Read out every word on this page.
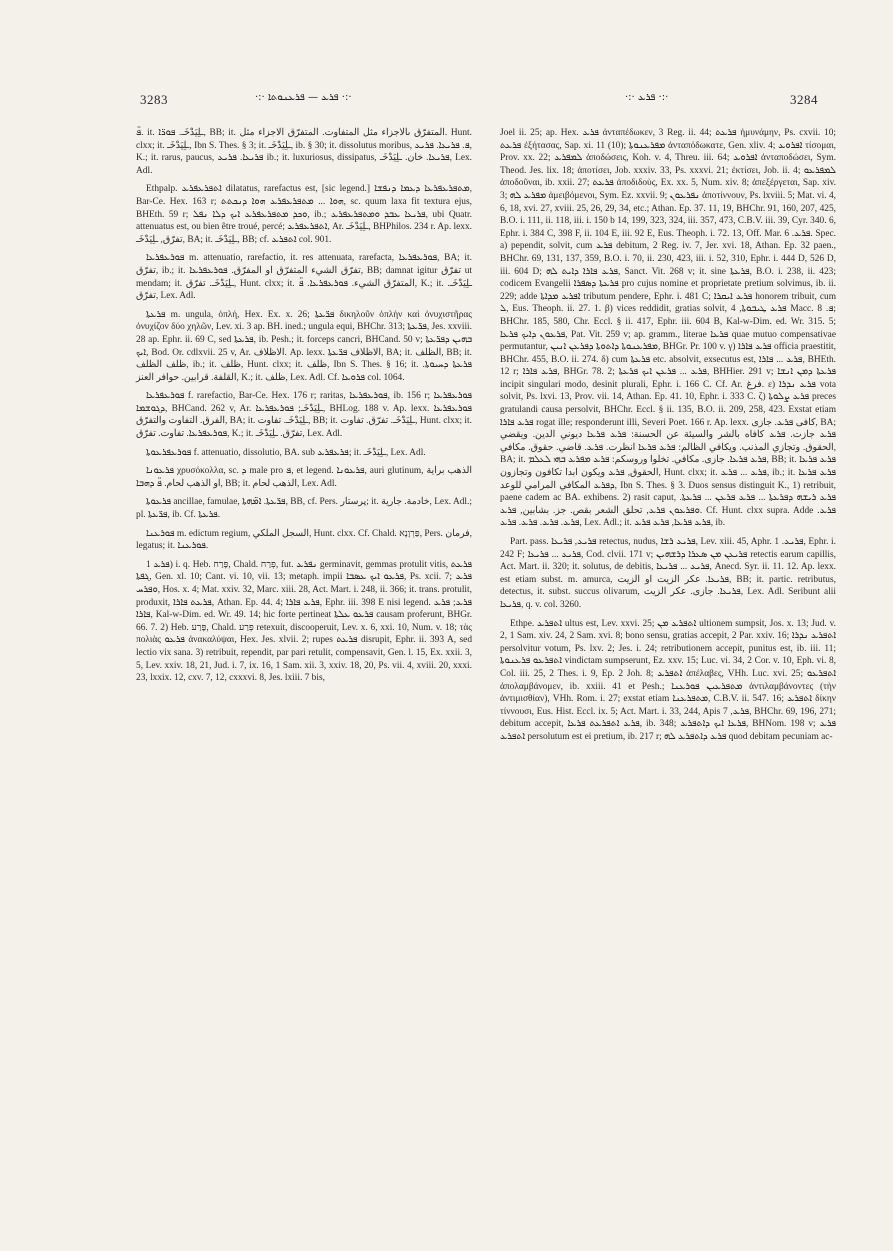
3283	·:· ܦܪܥ — ܦܪܥܢܘܬܐ ·:·	·:· ܦܪܥ ·:·	3284

ܦ̈. it. ـلِيَدْخَـ. ܦܘܪ̈ܐ, BB; it. المتفرّق ٮالاجزاء مثل المتفاوت. المتفرّق الاجزاء مثل. Hunt. clxx; it. ـلِيَدْخَـ, Ibn S. Thes. § 3; it. ـلِيَدْخَـ, ib. § 30; it. dissolutus moribus, ܦ. ܦܪܝܥܐ. ܦܪܝܥ, K.; it. rarus, paucus, ܦܪܝܥܐ. ܦܪܝܥ ib.; it. luxuriosus, dissipatus, ܦܪܝܥܐ. خان. ـلِيَدْخَـ, Lex. Adl.

Ethpalp. ܐܬܦܪܥܦܪܥ dilatatus, rarefactus est, [sic legend.] ܡܬܦܪܥܦܪܥܐ ܕܥܡܐ ܕܢܦܫܐ, Bar-Ce. Hex. 163 r; ܗܘܐ ... ܡܬܦܪܥܦܪܥ ܗܘܐ ܕܢܟܬܬ, sc. quum laxa fit textura ejus, BHEth. 59 r; ܘܟܕ ܡܬܦܪܥܦܪܥ ܐܝܟ ܕܠܐ ܢܦܠ, ib.; ܦܪܝܥܐ ܥܒܕ ܘܡܬܦܪܥܦܪܥ, ubi Quatr. attenuatus est, ou bien être troué, percé; ܐܬܦܪܥܦܪܥ, Ar. ـلِيَدْخَـ, BHPhilos. 234 r. Ap. lexx. تفرّق, ـلِيَدْخَـ, BA; it. ـلِيَدْخَـ, BB; cf. ܐܬܦܪܥ col. 901.

ܦܘܪܥܦܪܥܐ m. attenuatio, rarefactio, it. res attenuata, rarefacta, ܦܘܪܥܦܪܥܐ, BA; it. تفرّق, ib.; it. تفرّق الشيء المتفرّق او المفرّق. ܦܘܪܥܦܪܥܐ, BB; damnat igitur تفرّق ut mendam; it. ـلِيَدْخَـ. تفرّق, Hunt. clxx; it. المتفرّق الشيء. ܦܘܪܥܦܪܥܐ. ܦ̈, K.; it. ـلِيَدْخَـ. تفرّق, Lex. Adl.

ܦܪܥܬܐ m. ungula, ὁπλή, Hex. Ex. x. 26; ܦܪ̈ܥܬܐ δικηλοῦν ὁπλὴν καὶ ὀνυχιστῆρας ὀνυχίζον δύο χηλῶν, Lev. xi. 3 ap. BH. ined.; ungula equi, BHChr. 313; ܦܪ̈ܥܬܐ, Jes. xxviii. 28 ap. Ephr. ii. 69 C, sed ܦܪܥܬܐ, ib. Pesh.; it. forceps cancri, BHCand. 50 v; ܒܗܝܢ ܕܦܪ̈ܥܬܐ ܐܝܟ, Bod. Or. cdlxvii. 25 v, Ar. الاظلاف. Ap. lexx. الاظلاف ܦܪ̈ܥܬܐ, BA; it. الظلف, BB; it. ظلف الظلف, ib.; it. ظلف, Hunt. clxx; it. ظلف, Ibn S. Thes. § 16; it. ܦܪܥܬܐ ܕܚܝܘܬܐ. القلفة. قرابين. حوافر العنز, K.; it. ظلف, Lex. Adl. Cf. ܦܪܘܥܐ col. 1064.

ܦܘܪܥܦܪܥܐ f. rarefactio, Bar-Ce. Hex. 176 r; raritas, ܦܘܪܥܦܪܥܐ, ib. 156 r; ܦܘܪܥܦܪܥܐ ܕܓܘܫܡܐ, BHCand. 262 v, Ar. ـلِيَدْخَـ; ܦܘܪܥܦܪܥܐ, BHLog. 188 v. Ap. lexx. ܦܘܪܥܦܪܥܐ الفرق. التفاوت والتفرّق, BA; it. ـلِيَدْخَـ. تفاوت, BB; it. ـلِيَدْخَـ. تفرّق. تفاوت, Hunt. clxx; it. ܦܘܪܥܦܪܥܐ. تفاوت. تفرّق, K.; it. تفرّق. ـلِيَدْخَـ, Lex. Adl.

ܦܘܪܥܦܪܥܘܬܐ f. attenuatio, dissolutio, BA. sub ܦܪܥܦܪܥ; it. ـلِيَدْخَـ, Lex. Adl.

ܦܪܥܘܢܐ χρυσόκολλα, sc. ܕ male pro ܦ, et legend. ܦܪܥܘܢܐ, auri glutinum, الذهب براية او الذهب لحام. ܦ̈ ܕܗܒܐ, BB; it. الذهب لحام, Lex. Adl.

ܦܪܥܘܬܐ ancillae, famulae, ܦܪ̈ܥܬܐ. ܐܡ̈ܗܬܐ, BB, cf. Pers. پرستار; it. خادمة. جارية, Lex. Adl.; pl. ܦܪ̈ܥܬܐ, ib. Cf. ܦܪܥܬܐ.

ܦܘܪܥܢܐ m. edictum regium, السجل الملكي, Hunt. clxx. Cf. Chald. פַּרְוָנָא, Pers. فرمان, legatus; it. ܦܘܪܥܢܐ.

ܦܪܥ 1) i. q. Heb. פָּרַח, Chald. פְּרַח, fut. ܢܦܪܥ germinavit, gemmas protulit vitis, ܦܪܥܬ ܓܦܬܐ, Gen. xl. 10; Cant. vi. 10, vii. 13; metaph. impii ܦܪܥܘ ܐܝܟ ܥܣܒܐ, Ps. xcii. 7; ܦܪܥ ܘܦܪܚ, Hos. x. 4; Mat. xxiv. 32, Marc. xiii. 28, Act. Mart. i. 248, ii. 366; it. trans. protulit, produxit, ܦܪܥܬ ܦܐܪܐ, Athan. Ep. 44. 4; ܦܪܥ ܦܐܪܐ, Ephr. iii. 398 E nisi legend. ܦܪܥ; ܦܪܥ ܦܐܪܐ, Kal-w-Dim. ed. Wr. 49. 14; hic forte pertineat ܦܪܥܘ ܥܠܬܐ causam proferunt, BHGr. 66. 7. 2) Heb. פָּרַע, Chald. פְּרַע retexuit, discooperuit, Lev. x. 6, xxi. 10, Num. v. 18; τὰς πολιὰς ܦܪܥܘ ἀνακαλύψαι, Hex. Jes. xlvii. 2; rupes ܦܪܥܬ disrupit, Ephr. ii. 393 A, sed lectio vix sana. 3) retribuit, rependit, par pari retulit, compensavit, Gen. l. 15, Ex. xxii. 3, 5, Lev. xxiv. 18, 21, Jud. i. 7, ix. 16, 1 Sam. xii. 3, xxiv. 18, 20, Ps. vii. 4, xviii. 20, xxxi. 23, lxxix. 12, cxv. 7, 12, cxxxvi. 8, Jes. lxiii. 7 bis,

Joel ii. 25; ap. Hex. ܦܪܥ ἀνταπέδωκεν, 3 Reg. ii. 44; ܦܪܥܬ ἠμυνάμην, Ps. cxvii. 10; ܦܪܥܬ ἐξήτασας, Sap. xi. 11 (10); ܡܦܪܥܢܘܬܐ ἀνταπόδωκατε, Gen. xliv. 4; ܐܦܪܘܥ τίσομαι, Prov. xx. 22; ܠܡܦܪܥ ἀποδώσεις, Koh. v. 4, Threu. iii. 64; ܐܦܪܘܥ ἀνταποδώσει, Sym. Theod. Jes. lix. 18; ἀποτίσει, Job. xxxiv. 33, Ps. xxxvi. 21; ἐκτίσει, Job. ii. 4; ܠܡܦܪܥܘ ἀποδοῦναι, ib. xxii. 27; ܦܪܥܬ ἀποδιδοὺς, Ex. xx. 5, Num. xiv. 8; ἀπεξέργεται, Sap. xiv. 3; ܡܦܪܥ ܠܗ ἀμειβόμενοι, Sym. Ez. xxvii. 9; ܢܦܪܥܘܢ ἀποτίννουν, Ps. lxviii. 5; Mat. vi. 4, 6, 18, xvi. 27, xviii. 25, 26, 29, 34, etc.; Athan. Ep. 37. 11, 19, BHChr. 91, 160, 207, 425, B.O. i. 111, ii. 118, iii. i. 150 b 14, 199, 323, 324, iii. 357, 473, C.B.V. iii. 39, Cyr. 340. 6, Ephr. i. 384 C, 398 F, ii. 104 E, iii. 92 E, Eus. Theoph. i. 72. 13, Off. Mar. ܦܪܥ. 6. Spec. a) pependit, solvit, cum ܦܪܥ debitum, 2 Reg. iv. 7, Jer. xvi. 18, Athan. Ep. 32 paen., BHChr. 69, 131, 137, 359, B.O. i. 70, ii. 230, 423, iii. i. 52, 310, Ephr. i. 444 D, 526 D, iii. 604 D; ܦܪܥ ܦܐܪܐ ܕܐܝܬ ܠܗ, Sanct. Vit. 268 v; it. sine ܦܪܥܬܐ, B.O. i. 238, ii. 423; codicem Evangelii ܦܪܥܬܐ ܕܣܦܪܐ pro cujus nomine et proprietate pretium solvimus, ib. ii. 229; adde ܐܦܪܥ ܡܕܐܬܐ tributum pendere, Ephr. i. 481 C; ܦܪܥ ܐܝܩܪܐ honorem tribuit, cum ܠ, Eus. Theoph. ii. 27. 1. β) vices reddidit, gratias solvit, ܦܪܥ ܛܝܒܘܬܐ, 4 Macc. ܦ. 8; BHChr. 185, 580, Chr. Eccl. § ii. 417, Ephr. iii. 604 B, Kal-w-Dim. ed. Wr. 315. 5; ܦܪܥܘܢ ܕܐܝܟ ܦܪܥܐ, Pat. Vit. 259 v; ap. gramm., literae ܦܪܥܐ quae mutuo compensativae permutantur, ܡܦܪܥܢܘܬܐ ܕܐܬܘܬܐ ܕܦܪܥܢ ܐܢܝܢ, BHGr. Pr. 100 v. γ) ܦܪܥ ܦܐܪܐ officia praestitit, BHChr. 455, B.O. ii. 274. δ) cum ܦܪܥܬܐ etc. absolvit, exsecutus est, ܦܪܥ ... ܦܐܪܐ, BHEth. 12 r; ܦܪܥ ܦܐܪܐ, BHGr. 78. 2; ܦܪܥ ... ܦܪܥܢ ܐܝܟ ܦܪܥܬܐ, BHHier. 291 v; ܦܪܥܬܐ ܕܡܢ ܐܢܫܐ incipit singulari modo, desinit plurali, Ephr. i. 166 C. Cf. Ar. فرغ. ε) ܦܪܥ ܢܕܪܐ vota solvit, Ps. lxvi. 13, Prov. vii. 14, Athan. Ep. 41. 10, Ephr. i. 333 C. ζ) ܦܪܥ ܨܠܘܬܐ preces gratulandi causa persolvit, BHChr. Eccl. § ii. 135, B.O. ii. 209, 258, 423. Exstat etiam ܦܪܥ ܦܐܪܐ rogat ille; responderunt illi, Severi Poet. 166 r. Ap. lexx. كافى ܦܪܥ. جازى, BA; ܦܪܥ جازت. ܦܪܥ كافاه بالشر والسيئة عن الحسنة: ܦܪܥ ܦܪܥܐ ديوني الدين. ويقضي الحقوق. وتجازي المذنب. ويكافي الظالم: ܦܪܥ ܦܪܥܐ انظرت. ܦܪܥ. قاضي. حقوق. مكافي, BA; it. ܦܪܥ ܦܪܥܐ. جازى. مكافي. تخلوا وروسكم: ܦܪܥ ܡܦܪܥ ܒܗܝ ܠܥܠܡ, BB; it. ܦܪܥ ܦܪܥܐ الحقوق, ܦܪܥ ويكون ابدا تكافون وتجازون, Hunt. clxx; it. ܦܪܥ ... ܦܪܥ, ib.; it. ܦܪܥ ܦܪܥܐ ܕܦܪܥ المكافي المرامي للوعد, Ibn S. Thes. § 3. Duos sensus distinguit K., 1) retribuit, paene cadem ac BA. exhibens. 2) rasit caput, ܦܪܥ ܪܝܫܗ ܕܦܪܥܬܐ ... ܦܪܥ ܦܪܥܢ ... ܦܪܥܬܐ. ܘܦܪܥܘܢ ܦܪܥ, تحلق الشعر بقص. جز. بشابين, ܦܪܥ. Cf. Hunt. clxx supra. Adde ܦܪܥ. ܦܪܥ. ܦܪܥ. ܦܪܥ. ܦܪܥ, Lex. Adl.; it. ܦܪܥ ܦܪܥܐ, ܦܪܥ ܦܪܥ, ib.

Part. pass. ܦܪܝܥ, ܦܪܝܥܐ retectus, nudus, ܦܪܝܥ ܪܫܐ, Lev. xiii. 45, Aphr. ܦܪܝܥ. 1, Ephr. i. 242 F; ܦܪܝܥ ... ܦܪܝܥܐ, Cod. clvii. 171 v; ܦܪܝܥܢ ܡܢ ܣܥܪܐ ܕܪܫܗܝܢ retectis earum capillis, Act. Mart. ii. 320; it. solutus, de debitis, ܦܪܝܥ ... ܦܪܝܥܐ, Anecd. Syr. ii. 11. 12. Ap. lexx. est etiam subst. m. amurca, ܦܪܝܥܐ. عكر الزيت او الزيت, BB; it. partic. retributus, detectus, it. subst. succus olivarum, ܦܪܝܥܐ. جازى. عكر الزيت, Lex. Adl. Seribunt alii ܦܪܝܥܐ, q. v. col. 3260.

Ethpe. ܐܬܦܪܥ ultus est, Lev. xxvi. 25; ܐܬܦܪܥ ܡܢ ultionem sumpsit, Jos. x. 13; Jud. v. 2, 1 Sam. xiv. 24, 2 Sam. xvi. 8; bono sensu, gratias accepit, 2 Par. xxiv. 16; ܐܬܦܪܥ ܢܕܪܐ persolvitur votum, Ps. lxv. 2; Jes. i. 24; retributionem accepit, punitus est, ib. iii. 11; ܐܬܦܪܥܘ ܦܪܥܢܘܬܐ vindictam sumpserunt, Ez. xxv. 15; Luc. vi. 34, 2 Cor. v. 10, Eph. vi. 8, Col. iii. 25, 2 Thes. i. 9, Ep. 2 Joh. 8; ܐܬܦܪܥ ἀπέλαβες, VHh. Luc. xvi. 25; ܐܬܦܪܥܘ ἀπολαμβάνομεν, ib. xxiii. 41 et Pesh.; ܡܬܦܪܥܝܢ ܦܘܪܥܢܐ ἀντιλαμβάνοντες (τὴν ἀντιμισθίαν), VHh. Rom. i. 27; exstat etiam ܡܬܦܪܥܢܐ, C.B.V. ii. 547. 16; ܐܬܦܪܥ δίκην τίννουσι, Eus. Hist. Eccl. ix. 5; Act. Mart. i. 33, 244, Apis ܦܪܥ, 7, BHChr. 69, 196, 271; debitum accepit, ܦܪܥ ܐܬܦܪܥܬ ܦܪܥܐ, ib. 348; ܦܪܥܐ ܐܝܟ ܕܐܬܦܪܥ, BHNom. 198 v; ܦܪܥ ܐܬܦܪܥ persolutum est ei pretium, ib. 217 r; ܦܪܥ ܕܐܬܦܪܥ ܠܗ quod debitam pecuniam ac-
